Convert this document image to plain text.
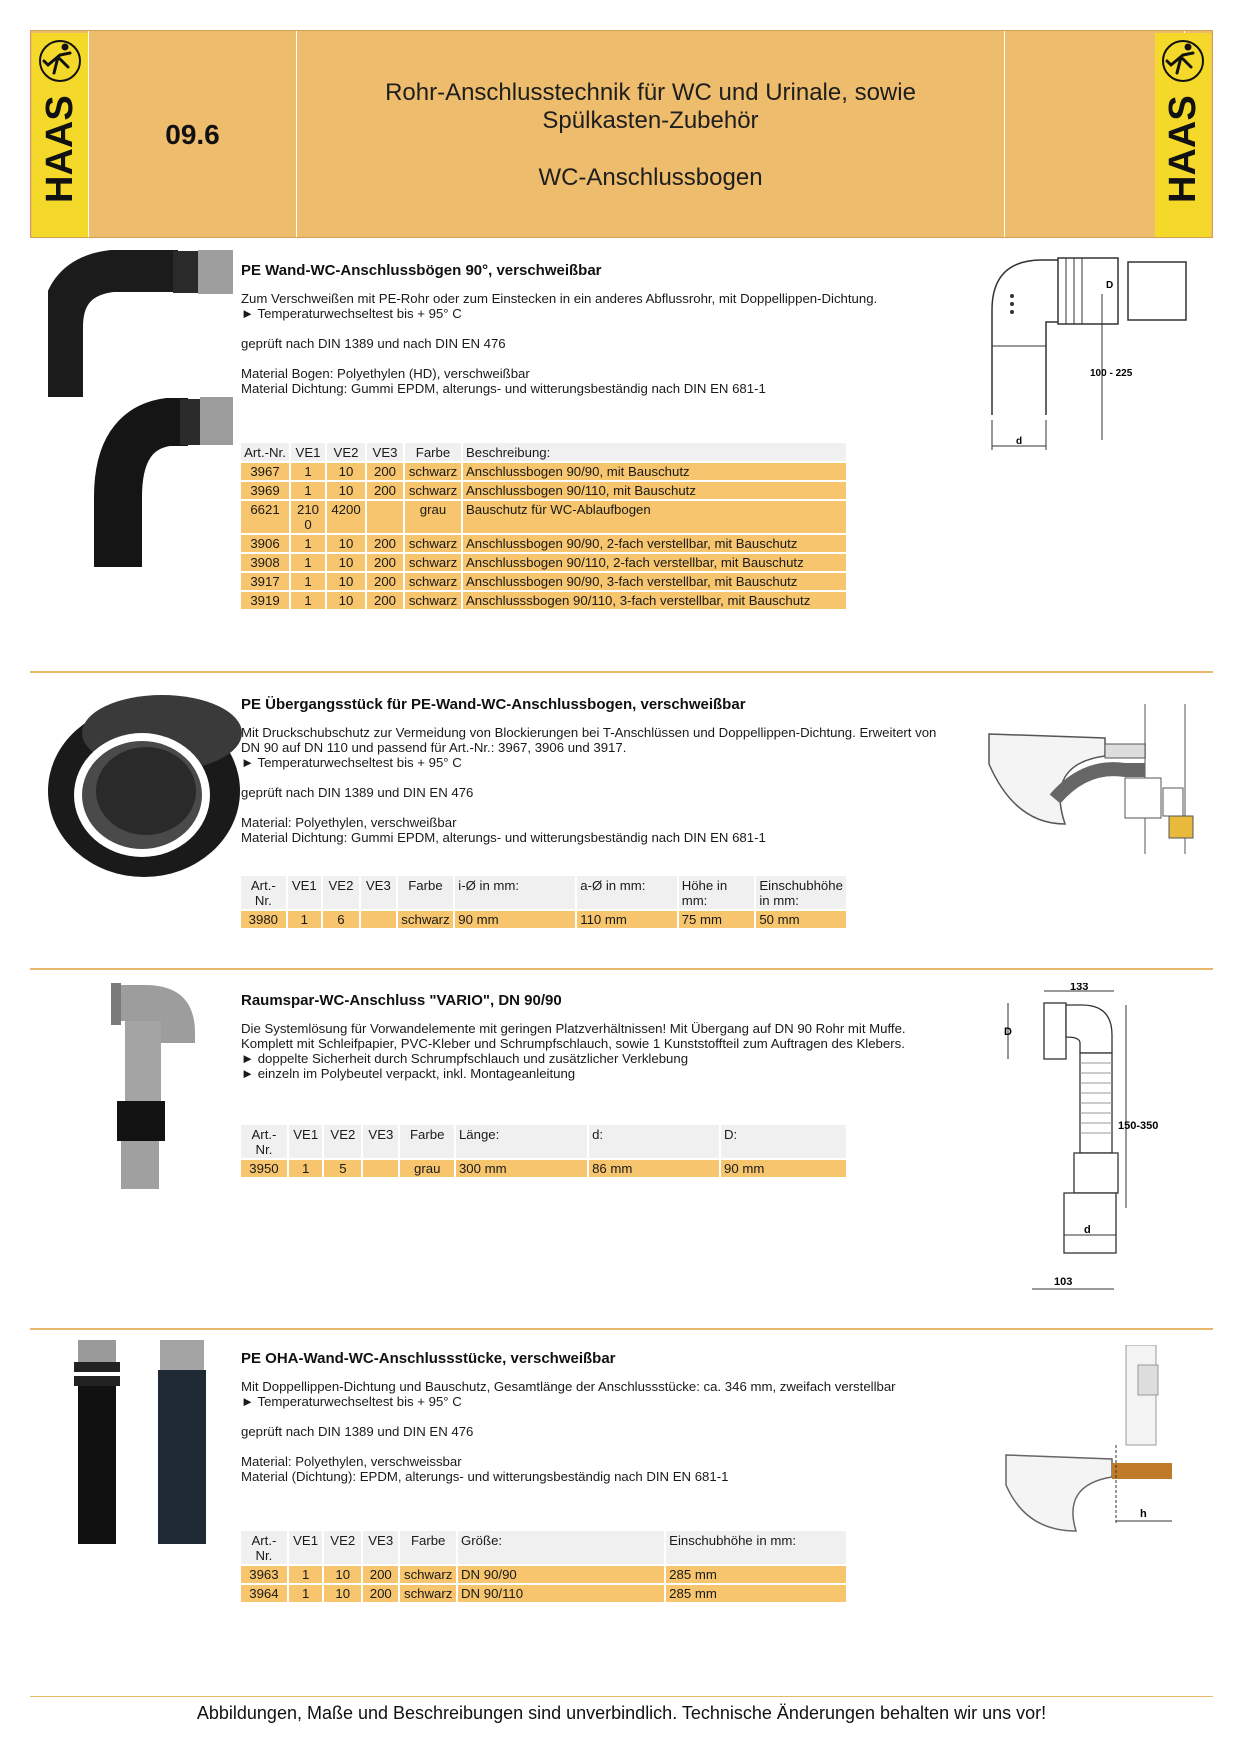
09.6
Rohr-Anschlusstechnik für WC und Urinale, sowie
Spülkasten-Zubehör
WC-Anschlussbogen
HAAS	HAAS
PE Wand-WC-Anschlussbögen 90°, verschweißbar

Zum Verschweißen mit PE-Rohr oder zum Einstecken in ein anderes Abflussrohr, mit Doppellippen-Dichtung.

► Temperaturwechseltest bis + 95° C

geprüft nach DIN 1389 und nach DIN EN 476

Material Bogen: Polyethylen (HD), verschweißbar

Material Dichtung: Gummi EPDM, alterungs- und witterungsbeständig nach DIN EN 681-1

d
D
100 - 225
Art.-Nr.	VE1	VE2	VE3	Farbe	Beschreibung:
3967	1	10	200	schwarz	Anschlussbogen 90/90, mit Bauschutz
3969	1	10	200	schwarz	Anschlussbogen 90/110, mit Bauschutz
6621	2100	4200		grau	Bauschutz für WC-Ablaufbogen
3906	1	10	200	schwarz	Anschlussbogen 90/90, 2-fach verstellbar, mit Bauschutz
3908	1	10	200	schwarz	Anschlussbogen 90/110, 2-fach verstellbar, mit Bauschutz
3917	1	10	200	schwarz	Anschlussbogen 90/90, 3-fach verstellbar, mit Bauschutz
3919	1	10	200	schwarz	Anschlusssbogen 90/110, 3-fach verstellbar, mit Bauschutz
PE Übergangsstück für PE-Wand-WC-Anschlussbogen, verschweißbar

Mit Druckschubschutz zur Vermeidung von Blockierungen bei T-Anschlüssen und Doppellippen-Dichtung. Erweitert von DN 90 auf DN 110 und passend für Art.-Nr.: 3967, 3906 und 3917.

► Temperaturwechseltest bis + 95° C

geprüft nach DIN 1389 und DIN EN 476

Material: Polyethylen, verschweißbar

Material Dichtung: Gummi EPDM, alterungs- und witterungsbeständig nach DIN EN 681-1

Art.-Nr.	VE1	VE2	VE3	Farbe	i-Ø in mm:	a-Ø in mm:	Höhe in mm:	Einschubhöhe in mm:
3980	1	6		schwarz	90 mm	110 mm	75 mm	50 mm
Raumspar-WC-Anschluss "VARIO", DN 90/90

Die Systemlösung für Vorwandelemente mit geringen Platzverhältnissen! Mit Übergang auf DN 90 Rohr mit Muffe. Komplett mit Schleifpapier, PVC-Kleber und Schrumpfschlauch, sowie 1 Kunststoffteil zum Auftragen des Klebers.

► doppelte Sicherheit durch Schrumpfschlauch und zusätzlicher Verklebung

► einzeln im Polybeutel verpackt, inkl. Montageanleitung

133
D
150-350
d
103
Art.-Nr.	VE1	VE2	VE3	Farbe	Länge:	d:	D:
3950	1	5		grau	300 mm	86 mm	90 mm
PE OHA-Wand-WC-Anschlussstücke, verschweißbar

Mit Doppellippen-Dichtung und Bauschutz, Gesamtlänge der Anschlussstücke: ca. 346 mm, zweifach verstellbar

► Temperaturwechseltest bis + 95° C

geprüft nach DIN 1389 und DIN EN 476

Material: Polyethylen, verschweissbar

Material (Dichtung): EPDM, alterungs- und witterungsbeständig nach DIN EN 681-1

h
Art.-Nr.	VE1	VE2	VE3	Farbe	Größe:	Einschubhöhe in mm:
3963	1	10	200	schwarz	DN 90/90	285 mm
3964	1	10	200	schwarz	DN 90/110	285 mm
Abbildungen, Maße und Beschreibungen sind unverbindlich. Technische Änderungen behalten wir uns vor!
